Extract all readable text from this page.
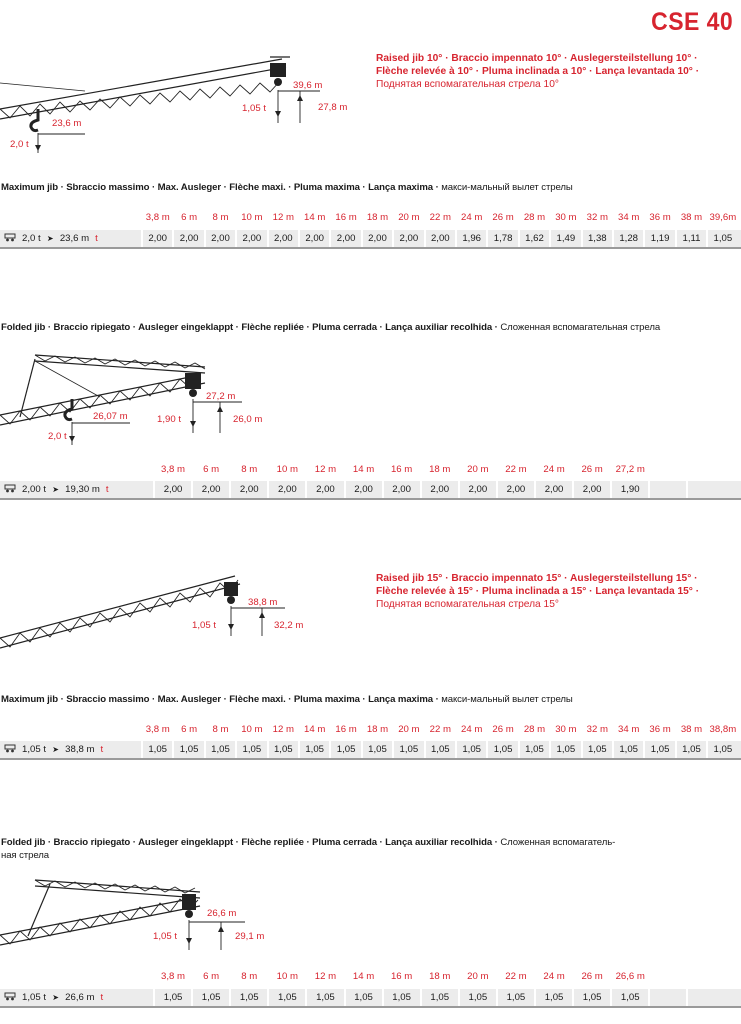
CSE 40
39,6 m
1,05 t	27,8 m
23,6 m
2,0 t
Raised jib 10° · Braccio impennato 10° · Auslegersteilstellung 10° ·
Flèche relevée à 10° · Pluma inclinada a 10° · Lança levantada 10° ·
Поднятая вспомагательная стрела 10°
Maximum jib · Sbraccio massimo · Max. Ausleger · Flèche maxi. · Pluma maxima · Lança maxima · макси-мальный вылет стрелы
3,8 m	6 m	8 m	10 m	12 m	14 m	16 m	18 m	20 m	22 m	24 m	26 m	28 m	30 m	32 m	34 m	36 m	38 m 39,6m
2,0 t ➤ 23,6 m t	2,00	2,00	2,00	2,00	2,00	2,00	2,00	2,00	2,00	2,00	1,96	1,78	1,62	1,49	1,38	1,28	1,19	1,11	1,05
Folded jib · Braccio ripiegato · Ausleger eingeklappt · Flèche repliée · Pluma cerrada · Lança auxiliar recolhida · Сложенная вспомагательная стрела
27,2 m
1,90 t	26,0 m
26,07 m
2,0 t
3,8 m	6 m	8 m	10 m	12 m	14 m	16 m	18 m	20 m	22 m	24 m	26 m	27,2 m
2,00 t ➤ 19,30 m t	2,00	2,00	2,00	2,00	2,00	2,00	2,00	2,00	2,00	2,00	2,00	2,00	1,90
38,8 m
1,05 t	32,2 m
Raised jib 15° · Braccio impennato 15° · Auslegersteilstellung 15° ·
Flèche relevée à 15° · Pluma inclinada a 15° · Lança levantada 15° ·
Поднятая вспомагательная стрела 15°
Maximum jib · Sbraccio massimo · Max. Ausleger · Flèche maxi. · Pluma maxima · Lança maxima · макси-мальный вылет стрелы
3,8 m	6 m	8 m	10 m	12 m	14 m	16 m	18 m	20 m	22 m	24 m	26 m	28 m	30 m	32 m	34 m	36 m	38 m 38,8m
1,05 t ➤ 38,8 m t	1,05	1,05	1,05	1,05	1,05	1,05	1,05	1,05	1,05	1,05	1,05	1,05	1,05	1,05	1,05	1,05	1,05	1,05	1,05
Folded jib · Braccio ripiegato · Ausleger eingeklappt · Flèche repliée · Pluma cerrada · Lança auxiliar recolhida · Сложенная вспомагатель-
ная стрела
26,6 m
1,05 t	29,1 m
3,8 m	6 m	8 m	10 m	12 m	14 m	16 m	18 m	20 m	22 m	24 m	26 m	26,6 m
1,05 t ➤ 26,6 m t	1,05	1,05	1,05	1,05	1,05	1,05	1,05	1,05	1,05	1,05	1,05	1,05	1,05
